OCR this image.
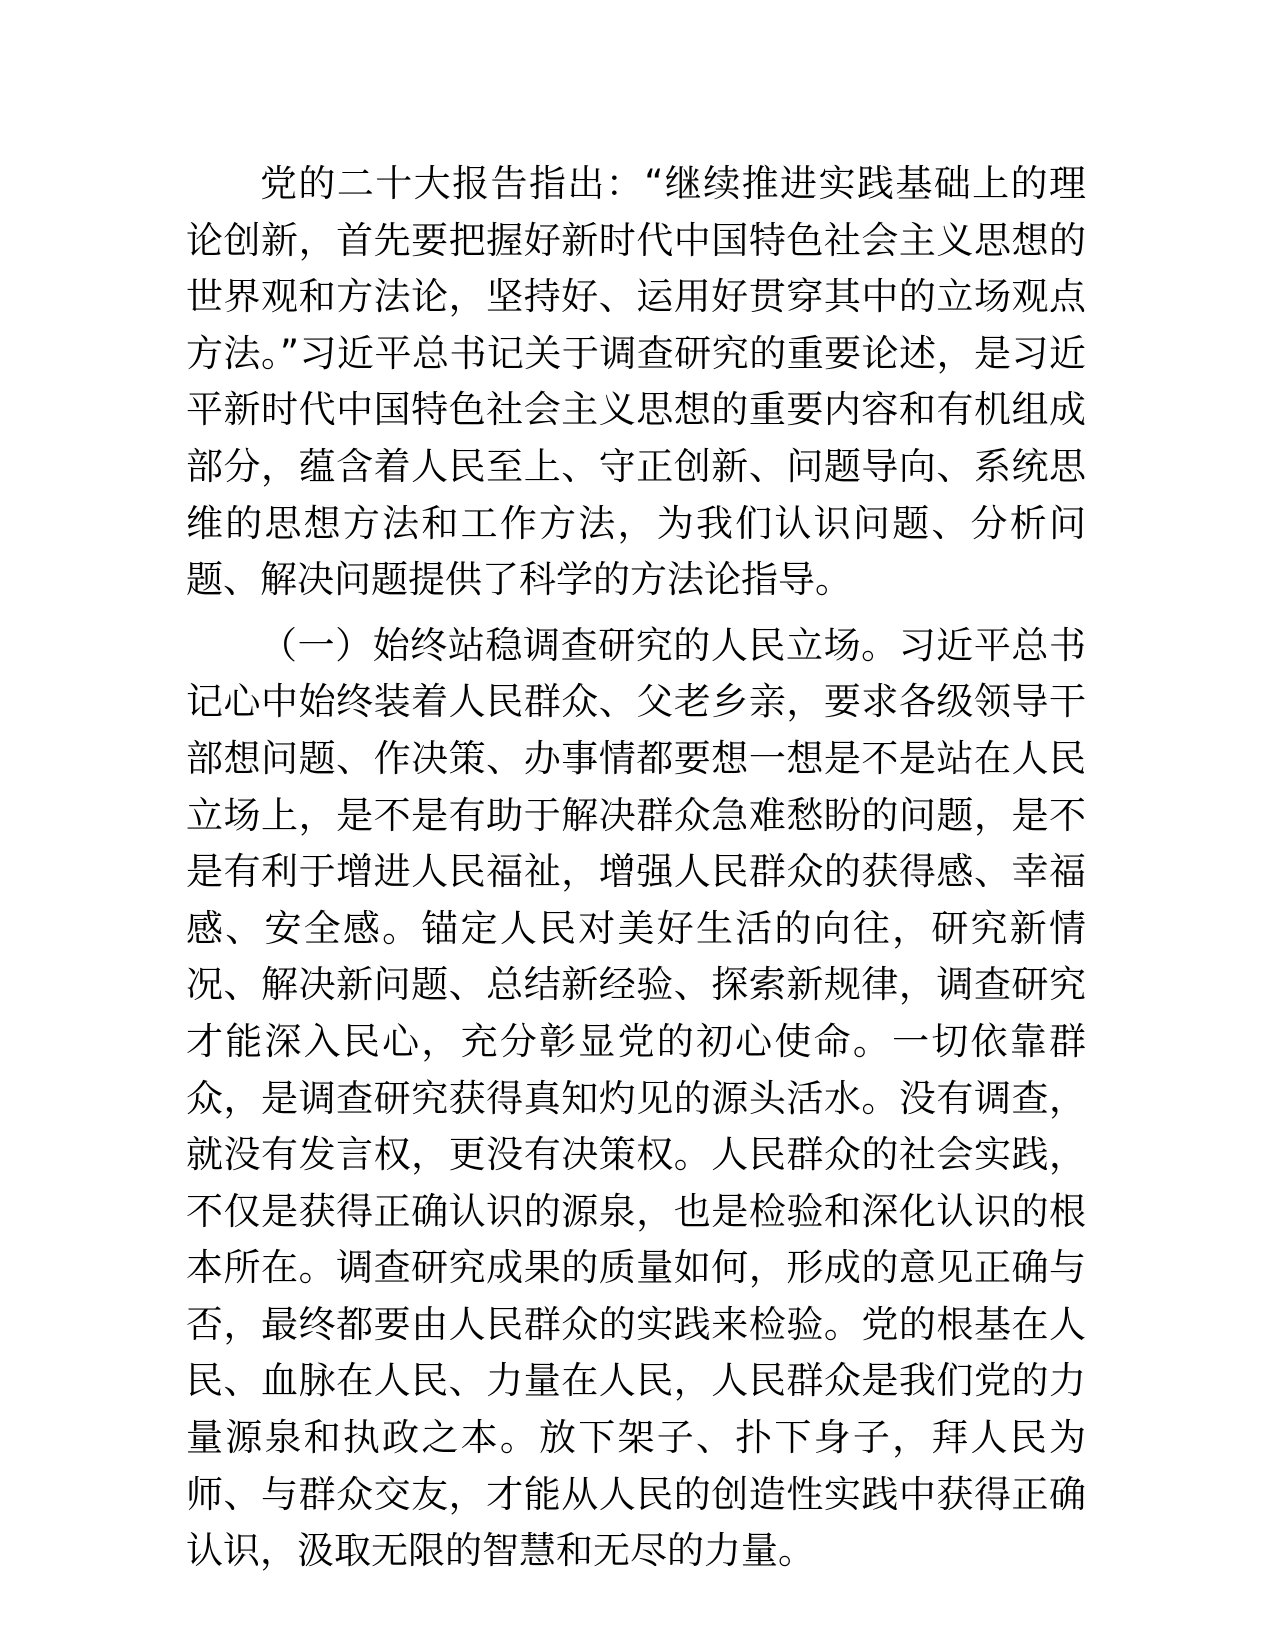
党的二十大报告指出：“继续推进实践基础上的理论创新，首先要把握好新时代中国特色社会主义思想的世界观和方法论，坚持好、运用好贯穿其中的立场观点方法。”习近平总书记关于调查研究的重要论述，是习近平新时代中国特色社会主义思想的重要内容和有机组成部分，蕴含着人民至上、守正创新、问题导向、系统思维的思想方法和工作方法，为我们认识问题、分析问题、解决问题提供了科学的方法论指导。

（一）始终站稳调查研究的人民立场。习近平总书记心中始终装着人民群众、父老乡亲，要求各级领导干部想问题、作决策、办事情都要想一想是不是站在人民立场上，是不是有助于解决群众急难愁盼的问题，是不是有利于增进人民福祉，增强人民群众的获得感、幸福感、安全感。锚定人民对美好生活的向往，研究新情况、解决新问题、总结新经验、探索新规律，调查研究才能深入民心，充分彰显党的初心使命。一切依靠群众，是调查研究获得真知灼见的源头活水。没有调查，就没有发言权，更没有决策权。人民群众的社会实践，不仅是获得正确认识的源泉，也是检验和深化认识的根本所在。调查研究成果的质量如何，形成的意见正确与否，最终都要由人民群众的实践来检验。党的根基在人民、血脉在人民、力量在人民，人民群众是我们党的力量源泉和执政之本。放下架子、扑下身子，拜人民为师、与群众交友，才能从人民的创造性实践中获得正确认识，汲取无限的智慧和无尽的力量。
